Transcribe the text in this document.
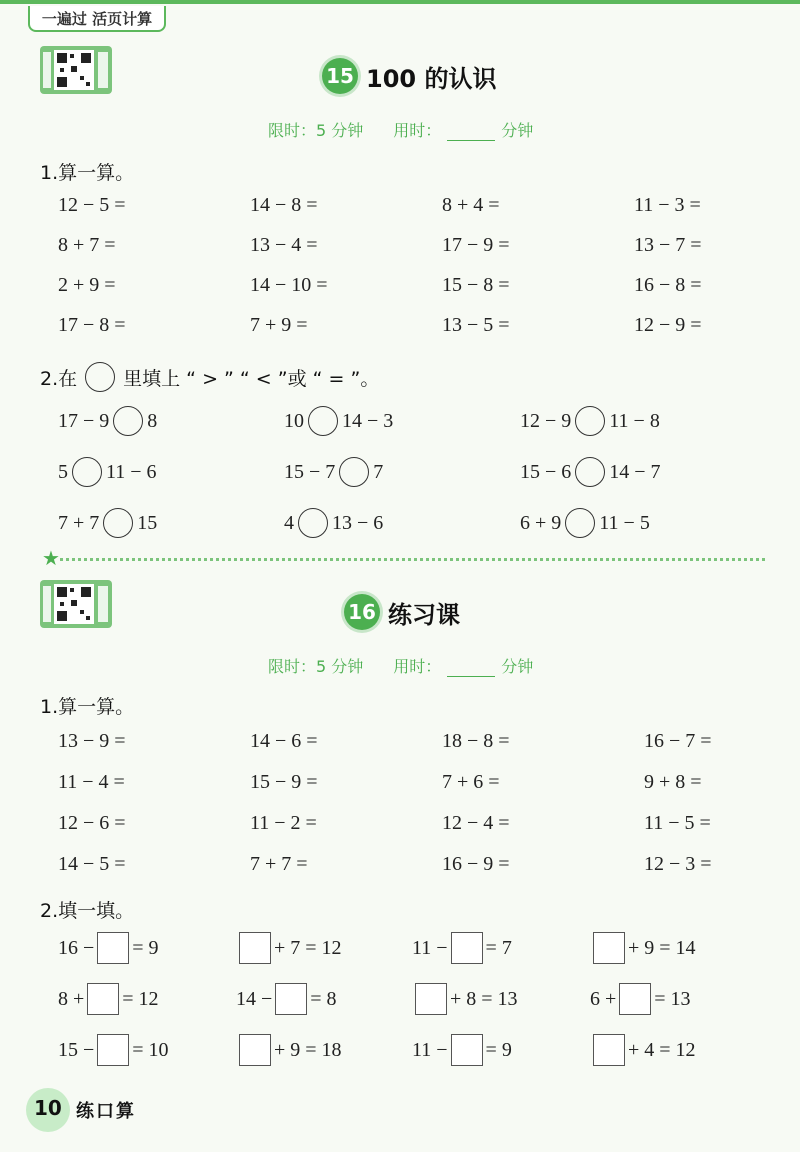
一遍过 活页计算
15 100 的认识
限时：5 分钟 用时：	分钟
1.算一算。
12 − 5 =	14 − 8 =	8 + 4 =	11 − 3 =
8 + 7 =	13 − 4 =	17 − 9 =	13 − 7 =
2 + 9 =	14 − 10 =	15 − 8 =	16 − 8 =
17 − 8 =	7 + 9 =	13 − 5 =	12 − 9 =
2.在 里填上 “ > ” “ < ”或 “ = ”。
17 − 9 8	10 14 − 3	12 − 9 11 − 8
5 11 − 6	15 − 7 7	15 − 6 14 − 7
7 + 7 15	4 13 − 6	6 + 9 11 − 5
★
16 练习课
限时：5 分钟 用时：	分钟
1.算一算。
13 − 9 =	14 − 6 =	18 − 8 =	16 − 7 =
11 − 4 =	15 − 9 =	7 + 6 =	9 + 8 =
12 − 6 =	11 − 2 =	12 − 4 =	11 − 5 =
14 − 5 =	7 + 7 =	16 − 9 =	12 − 3 =
2.填一填。
16 − = 9	+ 7 = 12	11 − = 7	+ 9 = 14
8 + = 12	14 − = 8	+ 8 = 13	6 + = 13
15 − = 10	+ 9 = 18	11 − = 9	+ 4 = 12
10 练口算
